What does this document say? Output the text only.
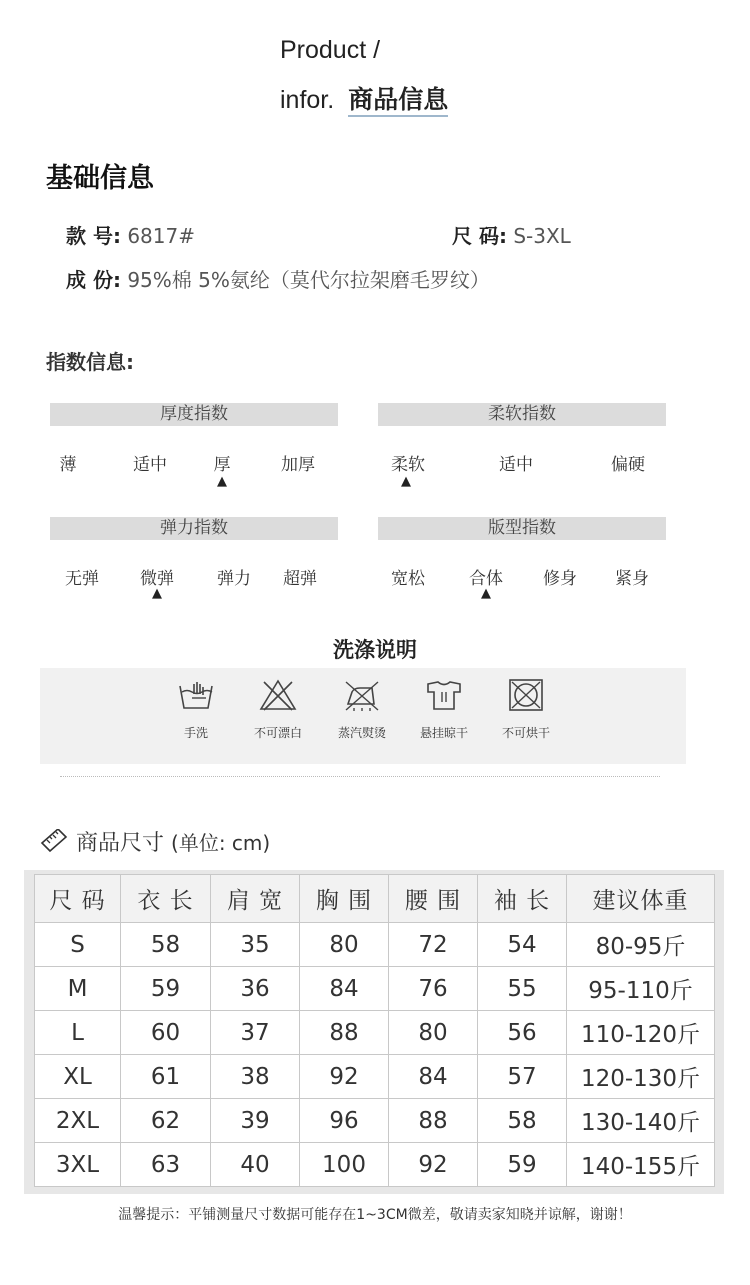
Product /
infor. 商品信息
基础信息
款 号: 6817#	尺 码: S-3XL
成 份: 95%棉 5%氨纶（莫代尔拉架磨毛罗纹）
指数信息:
厚度指数
薄	适中	厚	加厚
▲
柔软指数
柔软	适中	偏硬
▲
弹力指数
无弹	微弹	弹力	超弹
▲
版型指数
宽松	合体	修身	紧身
▲
洗涤说明
手洗	不可漂白	蒸汽熨烫	悬挂晾干	不可烘干
商品尺寸 (单位: cm)
尺 码	衣 长	肩 宽	胸 围	腰 围	袖 长	建议体重
S	58	35	80	72	54	80-95斤
M	59	36	84	76	55	95-110斤
L	60	37	88	80	56	110-120斤
XL	61	38	92	84	57	120-130斤
2XL	62	39	96	88	58	130-140斤
3XL	63	40	100	92	59	140-155斤
温馨提示：平铺测量尺寸数据可能存在1~3CM微差，敬请卖家知晓并谅解，谢谢！
